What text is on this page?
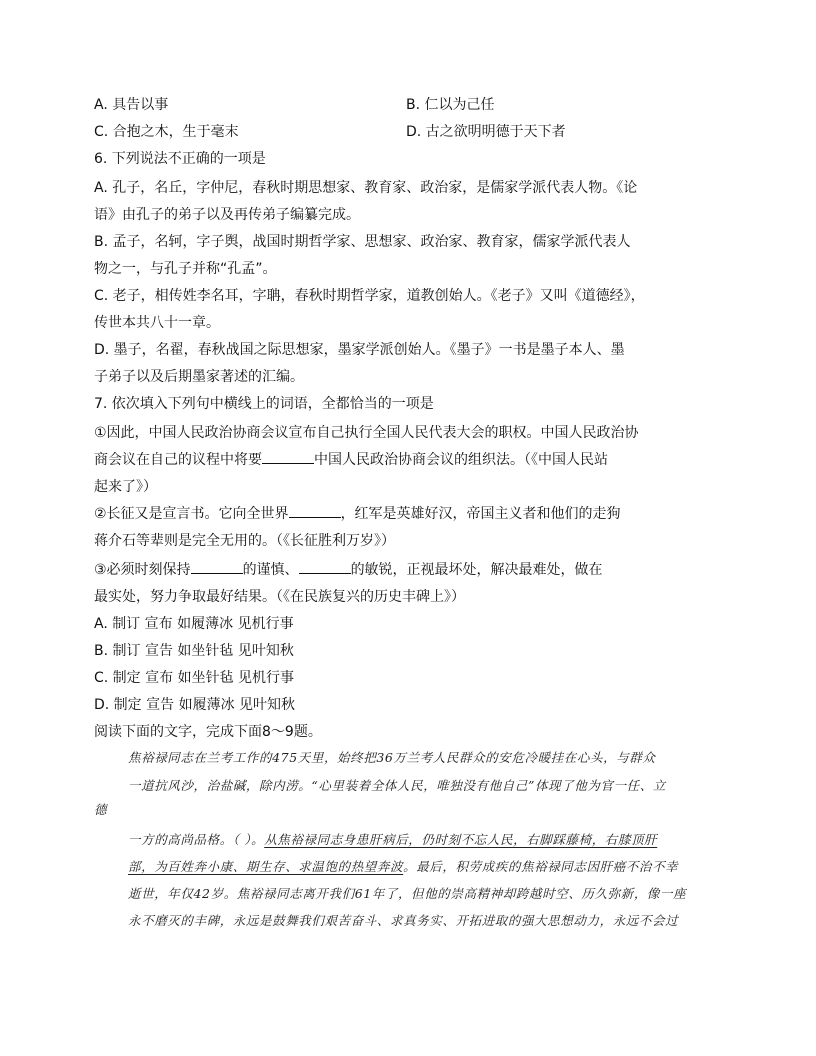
A. 具告以事	B. 仁以为己任
C. 合抱之木，生于毫末	D. 古之欲明明德于天下者
6. 下列说法不正确的一项是
A. 孔子，名丘，字仲尼，春秋时期思想家、教育家、政治家，是儒家学派代表人物。《论
语》由孔子的弟子以及再传弟子编纂完成。
B. 孟子，名轲，字子舆，战国时期哲学家、思想家、政治家、教育家，儒家学派代表人
物之一，与孔子并称“孔孟”。
C. 老子，相传姓李名耳，字聃，春秋时期哲学家，道教创始人。《老子》又叫《道德经》，
传世本共八十一章。
D. 墨子，名翟，春秋战国之际思想家，墨家学派创始人。《墨子》一书是墨子本人、墨
子弟子以及后期墨家著述的汇编。
7. 依次填入下列句中横线上的词语，全都恰当的一项是
①因此，中国人民政治协商会议宣布自己执行全国人民代表大会的职权。中国人民政治协
商会议在自己的议程中将要	中国人民政治协商会议的组织法。（《中国人民站
起来了》）
②长征又是宣言书。它向全世界	，红军是英雄好汉，帝国主义者和他们的走狗
蒋介石等辈则是完全无用的。（《长征胜利万岁》）
③必须时刻保持	的谨慎、	的敏锐，正视最坏处，解决最难处，做在
最实处，努力争取最好结果。（《在民族复兴的历史丰碑上》）
A. 制订 宣布 如履薄冰 见机行事
B. 制订 宣告 如坐针毡 见叶知秋
C. 制定 宣布 如坐针毡 见机行事
D. 制定 宣告 如履薄冰 见叶知秋
阅读下面的文字，完成下面8～9题。
焦裕禄同志在兰考工作的475天里，始终把36万兰考人民群众的安危冷暖挂在心头，与群众
一道抗风沙，治盐碱，除内涝。“心里装着全体人民，唯独没有他自己”体现了他为官一任、立
德
一方的高尚品格。（ ）。从焦裕禄同志身患肝病后，仍时刻不忘人民，右脚踩藤椅，右膝顶肝
部，为百姓奔小康、期生存、求温饱的热望奔波。最后，积劳成疾的焦裕禄同志因肝癌不治不幸
逝世，年仅42岁。焦裕禄同志离开我们61年了，但他的崇高精神却跨越时空、历久弥新，像一座
永不磨灭的丰碑，永远是鼓舞我们艰苦奋斗、求真务实、开拓进取的强大思想动力，永远不会过
